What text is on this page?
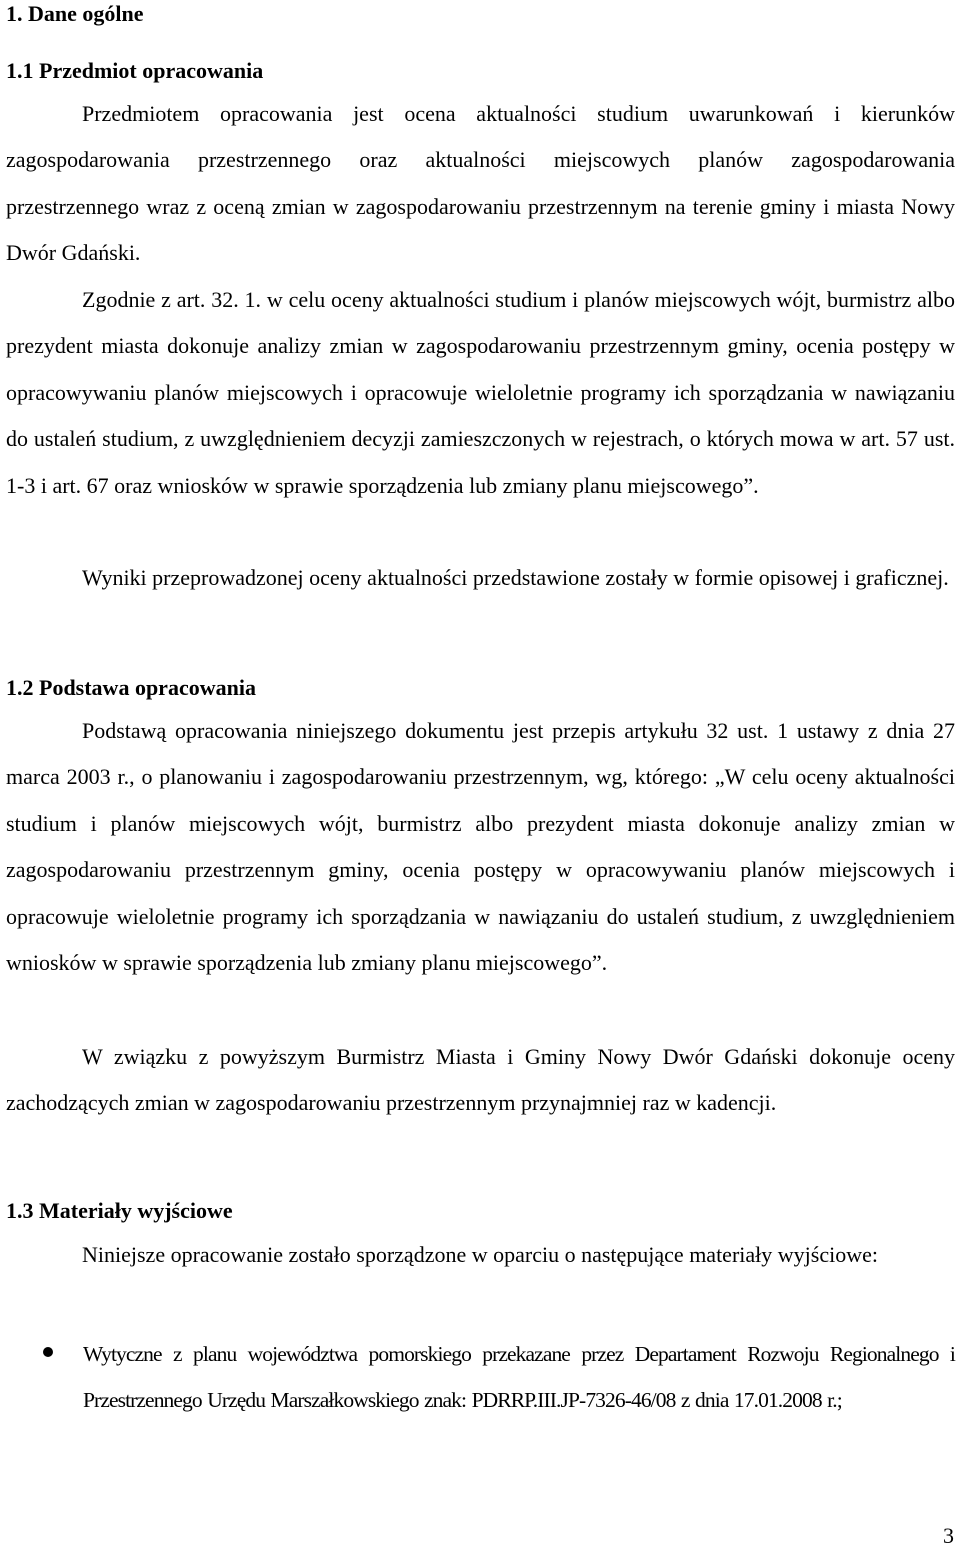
1. Dane ogólne
1.1 Przedmiot opracowania

Przedmiotem opracowania jest ocena aktualności studium uwarunkowań i kierunków zagospodarowania przestrzennego oraz aktualności miejscowych planów zagospodarowania przestrzennego wraz z oceną zmian w zagospodarowaniu przestrzennym na terenie gminy i miasta Nowy Dwór Gdański.

Zgodnie z art. 32. 1. w celu oceny aktualności studium i planów miejscowych wójt, burmistrz albo prezydent miasta dokonuje analizy zmian w zagospodarowaniu przestrzennym gminy, ocenia postępy w opracowywaniu planów miejscowych i opracowuje wieloletnie programy ich sporządzania w nawiązaniu do ustaleń studium, z uwzględnieniem decyzji zamieszczonych w rejestrach, o których mowa w art. 57 ust. 1-3 i art. 67 oraz wniosków w sprawie sporządzenia lub zmiany planu miejscowego”.

Wyniki przeprowadzonej oceny aktualności przedstawione zostały w formie opisowej i graficznej.

1.2 Podstawa opracowania

Podstawą opracowania niniejszego dokumentu jest przepis artykułu 32 ust. 1 ustawy z dnia 27 marca 2003 r., o planowaniu i zagospodarowaniu przestrzennym, wg, którego: „W celu oceny aktualności studium i planów miejscowych wójt, burmistrz albo prezydent miasta dokonuje analizy zmian w zagospodarowaniu przestrzennym gminy, ocenia postępy w opracowywaniu planów miejscowych i opracowuje wieloletnie programy ich sporządzania w nawiązaniu do ustaleń studium, z uwzględnieniem wniosków w sprawie sporządzenia lub zmiany planu miejscowego”.

W związku z powyższym Burmistrz Miasta i Gminy Nowy Dwór Gdański dokonuje oceny zachodzących zmian w zagospodarowaniu przestrzennym przynajmniej raz w kadencji.

1.3 Materiały wyjściowe

Niniejsze opracowanie zostało sporządzone w oparciu o następujące materiały wyjściowe:

Wytyczne z planu województwa pomorskiego przekazane przez Departament Rozwoju Regionalnego i Przestrzennego Urzędu Marszałkowskiego znak: PDRRP.III.JP-7326-46/08 z dnia 17.01.2008 r.;
3
